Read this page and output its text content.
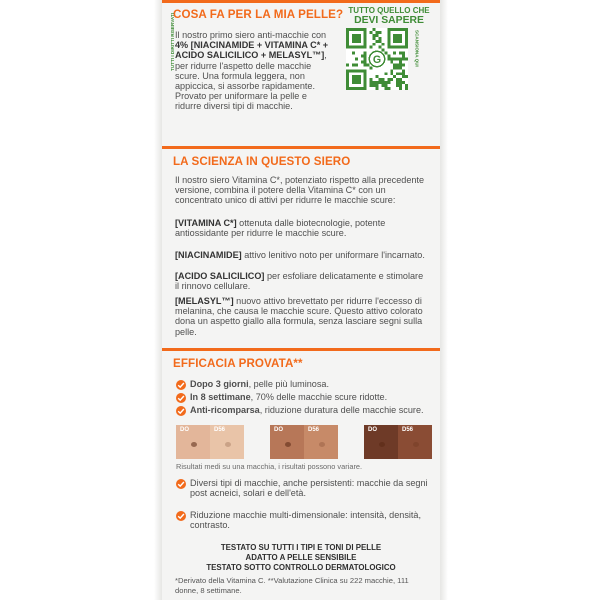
COSA FA PER LA MIA PELLE?
Il nostro primo siero anti-macchie con 4% [NIACINAMIDE + VITAMINA C* + ACIDO SALICILICO + MELASYL™], per ridurre l'aspetto delle macchie scure. Una formula leggera, non appiccica, si assorbe rapidamente. Provato per uniformare la pelle e ridurre diversi tipi di macchie.
TUTTO QUELLO CHE
DEVI SAPERE
G
TUTTI I DIRITTI RISERVATI	SCANSIONA QUI
LA SCIENZA IN QUESTO SIERO
Il nostro siero Vitamina C*, potenziato rispetto alla precedente versione, combina il potere della Vitamina C* con un concentrato unico di attivi per ridurre le macchie scure:
[VITAMINA C*] ottenuta dalle biotecnologie, potente antiossidante per ridurre le macchie scure.
[NIACINAMIDE] attivo lenitivo noto per uniformare l'incarnato.
[ACIDO SALICILICO] per esfoliare delicatamente e stimolare il rinnovo cellulare.
[MELASYL™] nuovo attivo brevettato per ridurre l'eccesso di melanina, che causa le macchie scure. Questo attivo colorato dona un aspetto giallo alla formula, senza lasciare segni sulla pelle.
EFFICACIA PROVATA**
Dopo 3 giorni, pelle più luminosa.
In 8 settimane, 70% delle macchie scure ridotte.
Anti-ricomparsa, riduzione duratura delle macchie scure.
DO	D56	DO	D56	DO	D56
Risultati medi su una macchia, i risultati possono variare.
Diversi tipi di macchie, anche persistenti: macchie da segni post acneici, solari e dell'età.
Riduzione macchie multi-dimensionale: intensità, densità, contrasto.
TESTATO SU TUTTI I TIPI E TONI DI PELLE
ADATTO A PELLE SENSIBILE
TESTATO SOTTO CONTROLLO DERMATOLOGICO
*Derivato della Vitamina C. **Valutazione Clinica su 222 macchie, 111 donne, 8 settimane.
